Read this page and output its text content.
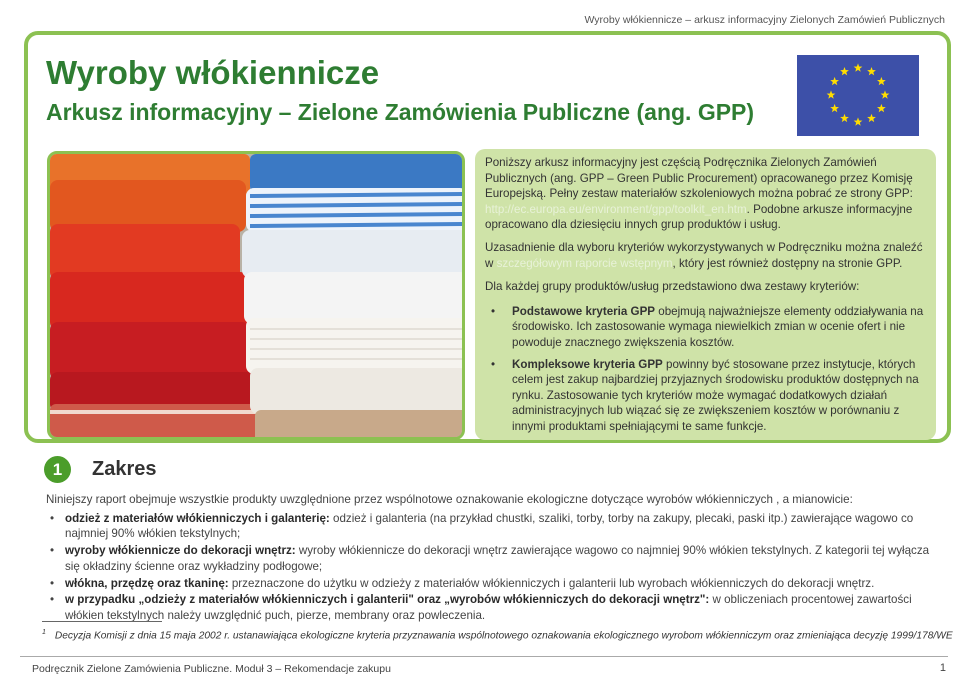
Wyroby włókiennicze – arkusz informacyjny Zielonych Zamówień Publicznych
Wyroby włókiennicze
Arkusz informacyjny – Zielone Zamówienia Publiczne (ang. GPP)

Poniższy arkusz informacyjny jest częścią Podręcznika Zielonych Zamówień Publicznych (ang. GPP – Green Public Procurement) opracowanego przez Komisję Europejską. Pełny zestaw materiałów szkoleniowych można pobrać ze strony GPP: http://ec.europa.eu/environment/gpp/toolkit_en.htm. Podobne arkusze informacyjne opracowano dla dziesięciu innych grup produktów i usług.

Uzasadnienie dla wyboru kryteriów wykorzystywanych w Podręczniku można znaleźć w szczegółowym raporcie wstępnym, który jest również dostępny na stronie GPP.

Dla każdej grupy produktów/usług przedstawiono dwa zestawy kryteriów:

• Podstawowe kryteria GPP obejmują najważniejsze elementy oddziaływania na środowisko. Ich zastosowanie wymaga niewielkich zmian w ocenie ofert i nie powoduje znacznego zwiększenia kosztów.
• Kompleksowe kryteria GPP powinny być stosowane przez instytucje, których celem jest zakup najbardziej przyjaznych środowisku produktów dostępnych na rynku. Zastosowanie tych kryteriów może wymagać dodatkowych działań administracyjnych lub wiązać się ze zwiększeniem kosztów w porównaniu z innymi produktami spełniającymi te same funkcje.
1	Zakres

Niniejszy raport obejmuje wszystkie produkty uwzględnione przez wspólnotowe oznakowanie ekologiczne dotyczące wyrobów włókienniczych , a mianowicie:

• odzież z materiałów włókienniczych i galanterię: odzież i galanteria (na przykład chustki, szaliki, torby, torby na zakupy, plecaki, paski itp.) zawierające wagowo co najmniej 90% włókien tekstylnych;
• wyroby włókiennicze do dekoracji wnętrz: wyroby włókiennicze do dekoracji wnętrz zawierające wagowo co najmniej 90% włókien tekstylnych. Z kategorii tej wyłącza się okładziny ścienne oraz wykładziny podłogowe;
• włókna, przędzę oraz tkaninę: przeznaczone do użytku w odzieży z materiałów włókienniczych i galanterii lub wyrobach włókienniczych do dekoracji wnętrz.
• w przypadku „odzieży z materiałów włókienniczych i galanterii" oraz „wyrobów włókienniczych do dekoracji wnętrz": w obliczeniach procentowej zawartości włókien tekstylnych należy uwzględnić puch, pierze, membrany oraz powleczenia.
$^1$ Decyzja Komisji z dnia 15 maja 2002 r. ustanawiająca ekologiczne kryteria przyznawania wspólnotowego oznakowania ekologicznego wyrobom włókienniczym oraz zmieniająca decyzję 1999/178/WE
Podręcznik Zielone Zamówienia Publiczne. Moduł 3 – Rekomendacje zakupu	1
